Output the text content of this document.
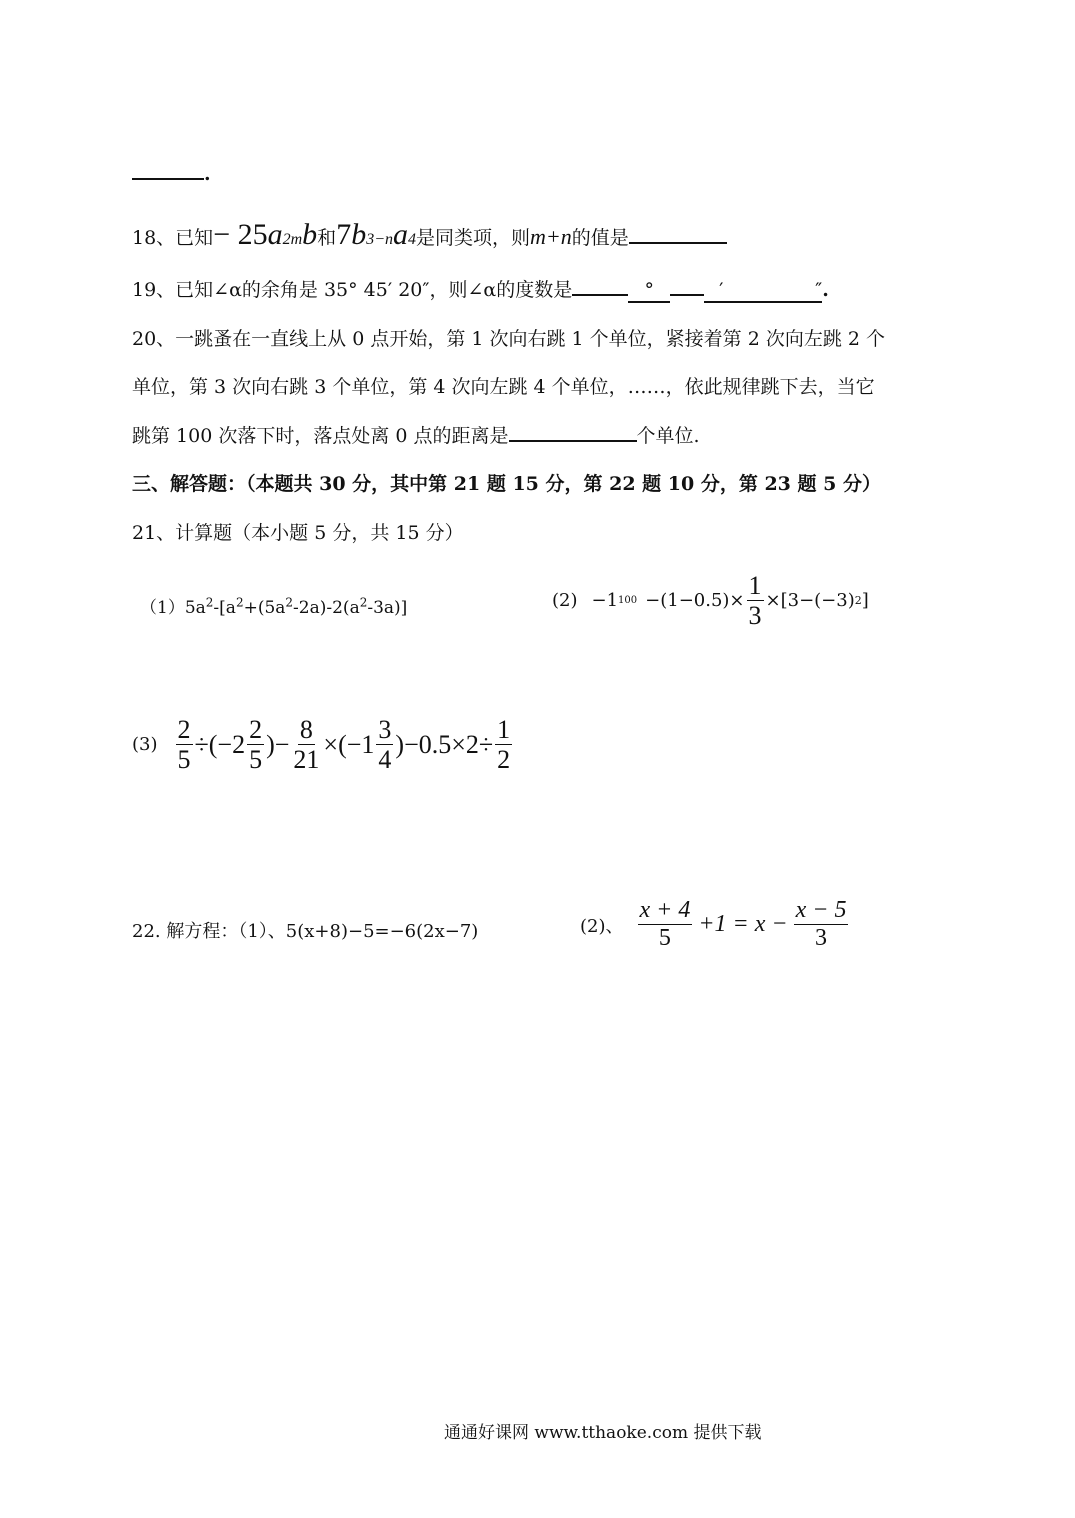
.
18、已知 − 25 a 2m b 和 7 b 3−n a 4 是同类项，则 m+n 的值是
19、已知∠α的余角是 35° 45′ 20″，则∠α的度数是	°	′	″ .
20、一跳蚤在一直线上从 0 点开始，第 1 次向右跳 1 个单位，紧接着第 2 次向左跳 2 个
单位，第 3 次向右跳 3 个单位，第 4 次向左跳 4 个单位，……，依此规律跳下去，当它
跳第 100 次落下时，落点处离 0 点的距离是	个单位.
三、解答题：（本题共 30 分，其中第 21 题 15 分，第 22 题 10 分，第 23 题 5 分）
21、计算题（本小题 5 分，共 15 分）
$(1)5a^2-[a^2+(5a^2-2a)-2(a^2-3a)]$	(2) −1 $100 -(1-0.5)\times \frac{1}{3} \times[3-(-3)$ 2 ]
$(3) \frac{2}{5} \div(-2 \frac{2}{5}$ )− $\frac{8}{21} \times(-1 \frac{3}{4} )-0.5\times 2\div \frac{1}{2}$
22. 解方程：（1）、5(x+8)−5=−6(2x−7)	(2)、 $\frac{x + 4}{5} +1 = x - \frac{x - 5}{3}$
通通好课网 www.tthaoke.com 提供下载
